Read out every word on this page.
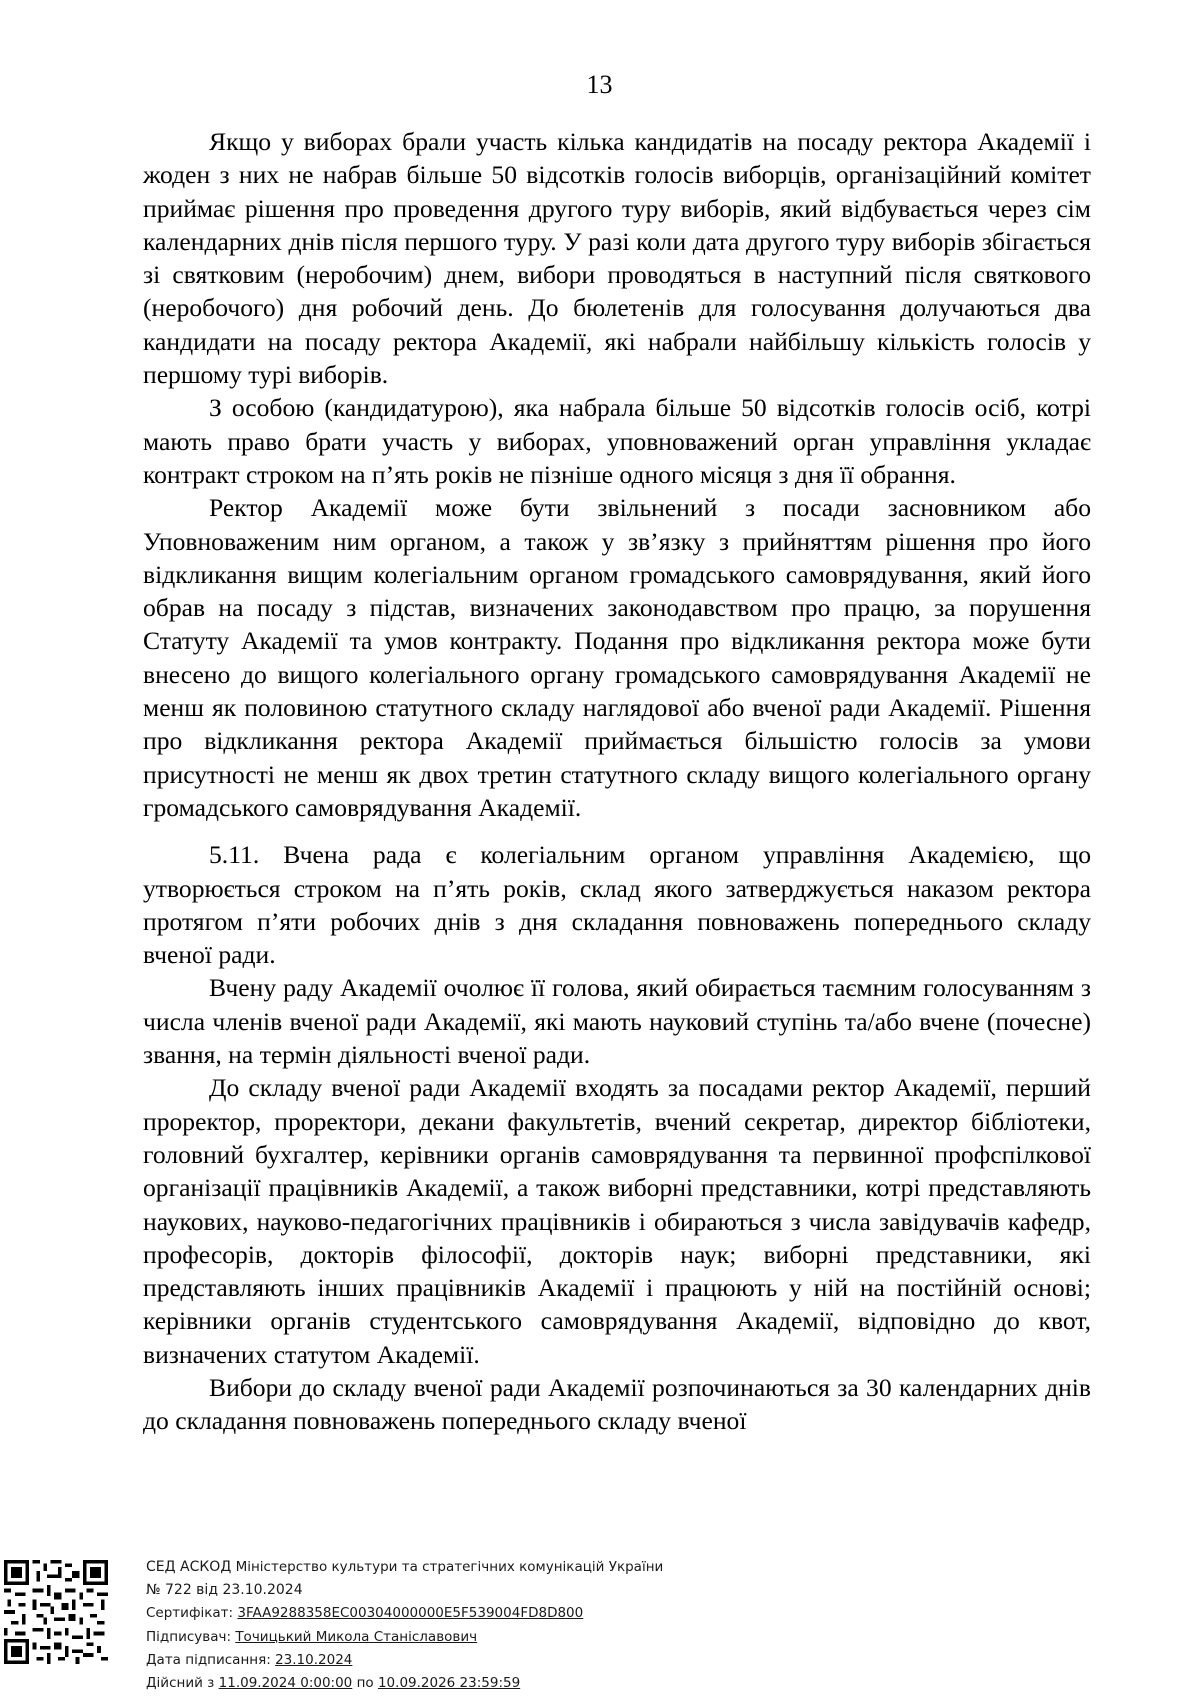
13

Якщо у виборах брали участь кілька кандидатів на посаду ректора Академії і жоден з них не набрав більше 50 відсотків голосів виборців, організаційний комітет приймає рішення про проведення другого туру виборів, який відбувається через сім календарних днів після першого туру. У разі коли дата другого туру виборів збігається зі святковим (неробочим) днем, вибори проводяться в наступний після святкового (неробочого) дня робочий день. До бюлетенів для голосування долучаються два кандидати на посаду ректора Академії, які набрали найбільшу кількість голосів у першому турі виборів.

З особою (кандидатурою), яка набрала більше 50 відсотків голосів осіб, котрі мають право брати участь у виборах, уповноважений орган управління укладає контракт строком на п’ять років не пізніше одного місяця з дня її обрання.

Ректор Академії може бути звільнений з посади засновником або Уповноваженим ним органом, а також у зв’язку з прийняттям рішення про його відкликання вищим колегіальним органом громадського самоврядування, який його обрав на посаду з підстав, визначених законодавством про працю, за порушення Статуту Академії та умов контракту. Подання про відкликання ректора може бути внесено до вищого колегіального органу громадського самоврядування Академії не менш як половиною статутного складу наглядової або вченої ради Академії. Рішення про відкликання ректора Академії приймається більшістю голосів за умови присутності не менш як двох третин статутного складу вищого колегіального органу громадського самоврядування Академії.

5.11. Вчена рада є колегіальним органом управління Академією, що утворюється строком на п’ять років, склад якого затверджується наказом ректора протягом п’яти робочих днів з дня складання повноважень попереднього складу вченої ради.

Вчену раду Академії очолює її голова, який обирається таємним голосуванням з числа членів вченої ради Академії, які мають науковий ступінь та/або вчене (почесне) звання, на термін діяльності вченої ради.

До складу вченої ради Академії входять за посадами ректор Академії, перший проректор, проректори, декани факультетів, вчений секретар, директор бібліотеки, головний бухгалтер, керівники органів самоврядування та первинної профспілкової організації працівників Академії, а також виборні представники, котрі представляють наукових, науково-педагогічних працівників і обираються з числа завідувачів кафедр, професорів, докторів філософії, докторів наук; виборні представники, які представляють інших працівників Академії і працюють у ній на постійній основі; керівники органів студентського самоврядування Академії, відповідно до квот, визначених статутом Академії.

Вибори до складу вченої ради Академії розпочинаються за 30 календарних днів до складання повноважень попереднього складу вченої

СЕД АСКОД Міністерство культури та стратегічних комунікацій України
№ 722 від 23.10.2024
Сертифікат: 3FAA9288358EC00304000000E5F539004FD8D800
Підписувач: Точицький Микола Станіславович
Дата підписання: 23.10.2024
Дійсний з 11.09.2024 0:00:00 по 10.09.2026 23:59:59
